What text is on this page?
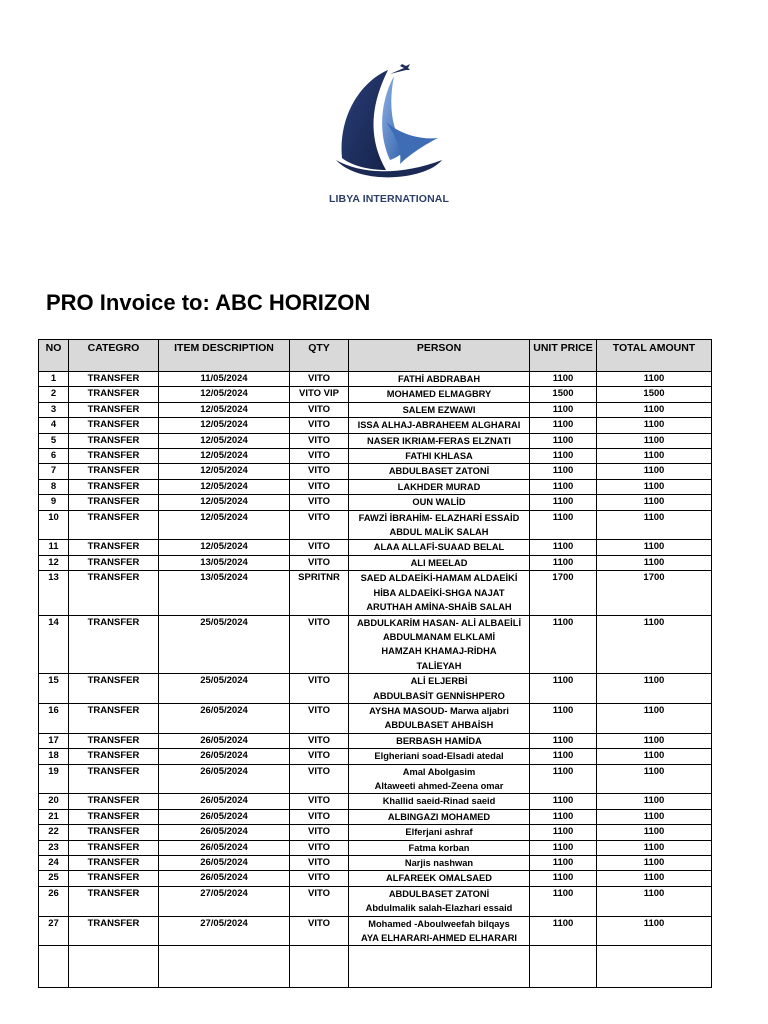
LIBYA INTERNATIONAL
PRO Invoice to: ABC HORIZON
NO	CATEGRO	ITEM DESCRIPTION	QTY	PERSON	UNIT PRICE	TOTAL AMOUNT
1	TRANSFER	11/05/2024	VITO	FATHİ ABDRABAH	1100	1100
2	TRANSFER	12/05/2024	VITO VIP	MOHAMED ELMAGBRY	1500	1500
3	TRANSFER	12/05/2024	VITO	SALEM EZWAWI	1100	1100
4	TRANSFER	12/05/2024	VITO	ISSA ALHAJ-ABRAHEEM ALGHARAI	1100	1100
5	TRANSFER	12/05/2024	VITO	NASER IKRIAM-FERAS ELZNATI	1100	1100
6	TRANSFER	12/05/2024	VITO	FATHI KHLASA	1100	1100
7	TRANSFER	12/05/2024	VITO	ABDULBASET ZATONİ	1100	1100
8	TRANSFER	12/05/2024	VITO	LAKHDER MURAD	1100	1100
9	TRANSFER	12/05/2024	VITO	OUN WALİD	1100	1100
10	TRANSFER	12/05/2024	VITO	FAWZİ İBRAHİM- ELAZHARİ ESSAİD
ABDUL MALİK SALAH	1100	1100
11	TRANSFER	12/05/2024	VITO	ALAA ALLAFİ-SUAAD BELAL	1100	1100
12	TRANSFER	13/05/2024	VITO	ALI MEELAD	1100	1100
13	TRANSFER	13/05/2024	SPRITNR	SAED ALDAEİKİ-HAMAM ALDAEİKİ
HİBA ALDAEİKİ-SHGA NAJAT
ARUTHAH AMİNA-SHAİB SALAH	1700	1700
14	TRANSFER	25/05/2024	VITO	ABDULKARİM HASAN- ALİ ALBAEİLİ
ABDULMANAM ELKLAMİ
HAMZAH KHAMAJ-RİDHA
TALİEYAH	1100	1100
15	TRANSFER	25/05/2024	VITO	ALİ ELJERBİ
ABDULBASİT GENNİSHPERO	1100	1100
16	TRANSFER	26/05/2024	VITO	AYSHA MASOUD- Marwa aljabri
ABDULBASET AHBAİSH	1100	1100
17	TRANSFER	26/05/2024	VITO	BERBASH HAMİDA	1100	1100
18	TRANSFER	26/05/2024	VITO	Elgheriani soad-Elsadi atedal	1100	1100
19	TRANSFER	26/05/2024	VITO	Amal Abolgasim
Altaweeti ahmed-Zeena omar	1100	1100
20	TRANSFER	26/05/2024	VITO	Khallid saeid-Rinad saeid	1100	1100
21	TRANSFER	26/05/2024	VITO	ALBINGAZI MOHAMED	1100	1100
22	TRANSFER	26/05/2024	VITO	Elferjani ashraf	1100	1100
23	TRANSFER	26/05/2024	VITO	Fatma korban	1100	1100
24	TRANSFER	26/05/2024	VITO	Narjis nashwan	1100	1100
25	TRANSFER	26/05/2024	VITO	ALFAREEK OMALSAED	1100	1100
26	TRANSFER	27/05/2024	VITO	ABDULBASET ZATONİ
Abdulmalik salah-Elazhari essaid	1100	1100
27	TRANSFER	27/05/2024	VITO	Mohamed -Aboulweefah bilqays
AYA ELHARARI-AHMED ELHARARI	1100	1100
